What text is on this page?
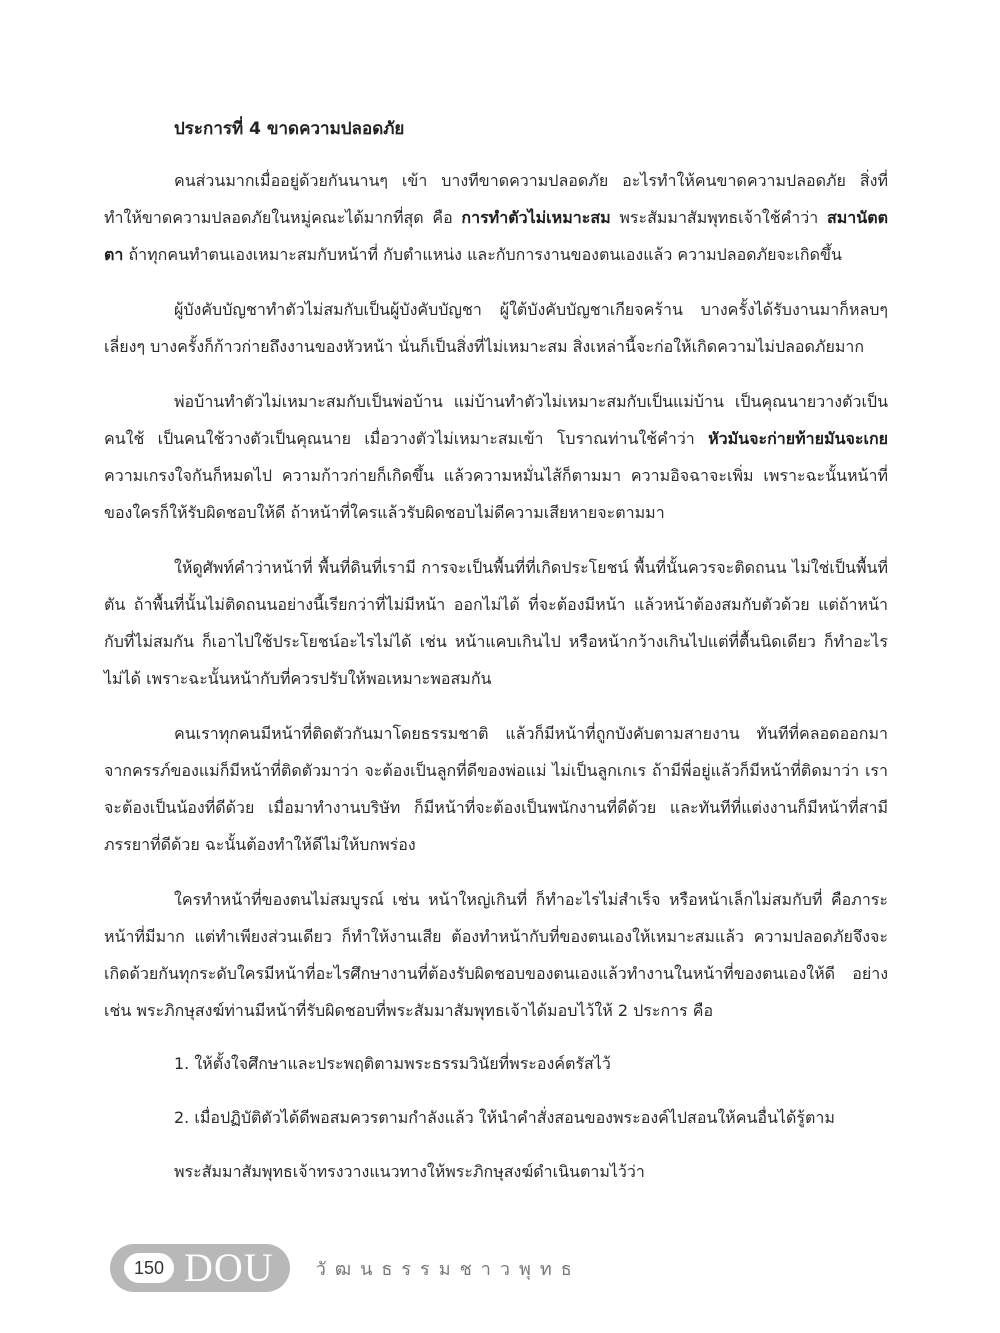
ประการที่ 4 ขาดความปลอดภัย

คนส่วนมากเมื่ออยู่ด้วยกันนานๆ เข้า บางทีขาดความปลอดภัย อะไรทำให้คนขาดความปลอดภัย สิ่งที่ทำให้ขาดความปลอดภัยในหมู่คณะได้มากที่สุด คือ การทำตัวไม่เหมาะสม พระสัมมาสัมพุทธเจ้าใช้คำว่า สมานัตตตา ถ้าทุกคนทำตนเองเหมาะสมกับหน้าที่ กับตำแหน่ง และกับการงานของตนเองแล้ว ความปลอดภัยจะเกิดขึ้น

ผู้บังคับบัญชาทำตัวไม่สมกับเป็นผู้บังคับบัญชา ผู้ใต้บังคับบัญชาเกียจคร้าน บางครั้งได้รับงานมาก็หลบๆ เลี่ยงๆ บางครั้งก็ก้าวก่ายถึงงานของหัวหน้า นั่นก็เป็นสิ่งที่ไม่เหมาะสม สิ่งเหล่านี้จะก่อให้เกิดความไม่ปลอดภัยมาก

พ่อบ้านทำตัวไม่เหมาะสมกับเป็นพ่อบ้าน แม่บ้านทำตัวไม่เหมาะสมกับเป็นแม่บ้าน เป็นคุณนายวางตัวเป็นคนใช้ เป็นคนใช้วางตัวเป็นคุณนาย เมื่อวางตัวไม่เหมาะสมเข้า โบราณท่านใช้คำว่า หัวมันจะก่ายท้ายมันจะเกย ความเกรงใจกันก็หมดไป ความก้าวก่ายก็เกิดขึ้น แล้วความหมั่นไส้ก็ตามมา ความอิจฉาจะเพิ่ม เพราะฉะนั้นหน้าที่ของใครก็ให้รับผิดชอบให้ดี ถ้าหน้าที่ใครแล้วรับผิดชอบไม่ดีความเสียหายจะตามมา

ให้ดูศัพท์คำว่าหน้าที่ พื้นที่ดินที่เรามี การจะเป็นพื้นที่ที่เกิดประโยชน์ พื้นที่นั้นควรจะติดถนน ไม่ใช่เป็นพื้นที่ตัน ถ้าพื้นที่นั้นไม่ติดถนนอย่างนี้เรียกว่าที่ไม่มีหน้า ออกไม่ได้ ที่จะต้องมีหน้า แล้วหน้าต้องสมกับตัวด้วย แต่ถ้าหน้ากับที่ไม่สมกัน ก็เอาไปใช้ประโยชน์อะไรไม่ได้ เช่น หน้าแคบเกินไป หรือหน้ากว้างเกินไปแต่ที่ตื้นนิดเดียว ก็ทำอะไรไม่ได้ เพราะฉะนั้นหน้ากับที่ควรปรับให้พอเหมาะพอสมกัน

คนเราทุกคนมีหน้าที่ติดตัวกันมาโดยธรรมชาติ แล้วก็มีหน้าที่ถูกบังคับตามสายงาน ทันทีที่คลอดออกมาจากครรภ์ของแม่ก็มีหน้าที่ติดตัวมาว่า จะต้องเป็นลูกที่ดีของพ่อแม่ ไม่เป็นลูกเกเร ถ้ามีพี่อยู่แล้วก็มีหน้าที่ติดมาว่า เราจะต้องเป็นน้องที่ดีด้วย เมื่อมาทำงานบริษัท ก็มีหน้าที่จะต้องเป็นพนักงานที่ดีด้วย และทันทีที่แต่งงานก็มีหน้าที่สามีภรรยาที่ดีด้วย ฉะนั้นต้องทำให้ดีไม่ให้บกพร่อง

ใครทำหน้าที่ของตนไม่สมบูรณ์ เช่น หน้าใหญ่เกินที่ ก็ทำอะไรไม่สำเร็จ หรือหน้าเล็กไม่สมกับที่ คือภาระหน้าที่มีมาก แต่ทำเพียงส่วนเดียว ก็ทำให้งานเสีย ต้องทำหน้ากับที่ของตนเองให้เหมาะสมแล้ว ความปลอดภัยจึงจะเกิดด้วยกันทุกระดับใครมีหน้าที่อะไรศึกษางานที่ต้องรับผิดชอบของตนเองแล้วทำงานในหน้าที่ของตนเองให้ดี อย่างเช่น พระภิกษุสงฆ์ท่านมีหน้าที่รับผิดชอบที่พระสัมมาสัมพุทธเจ้าได้มอบไว้ให้ 2 ประการ คือ

1. ให้ตั้งใจศึกษาและประพฤติตามพระธรรมวินัยที่พระองค์ตรัสไว้
2. เมื่อปฏิบัติตัวได้ดีพอสมควรตามกำลังแล้ว ให้นำคำสั่งสอนของพระองค์ไปสอนให้คนอื่นได้รู้ตาม
พระสัมมาสัมพุทธเจ้าทรงวางแนวทางให้พระภิกษุสงฆ์ดำเนินตามไว้ว่า
150 DOU วัฒนธรรมชาวพุทธ
